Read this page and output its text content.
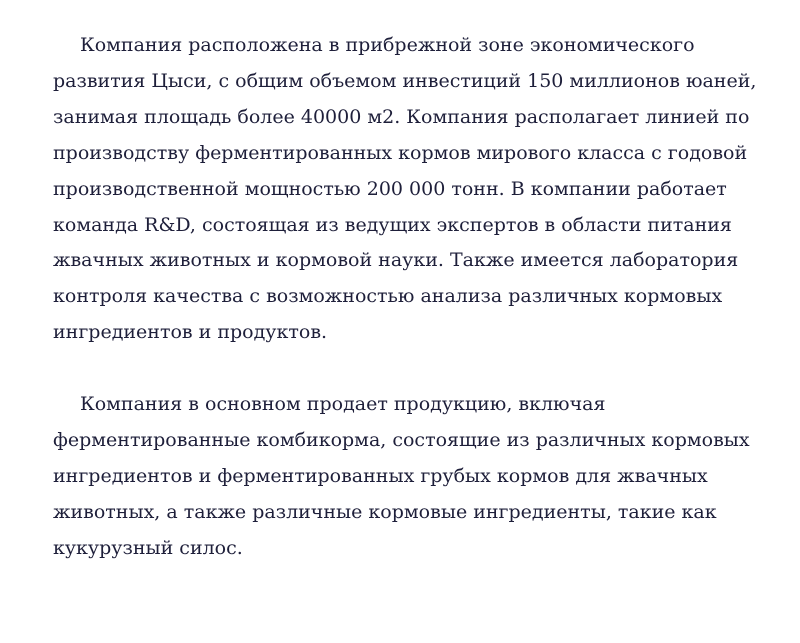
Компания расположена в прибрежной зоне экономического развития Цыси, с общим объемом инвестиций 150 миллионов юаней, занимая площадь более 40000 м2. Компания располагает линией по производству ферментированных кормов мирового класса с годовой производственной мощностью 200 000 тонн. В компании работает команда R&D, состоящая из ведущих экспертов в области питания жвачных животных и кормовой науки. Также имеется лаборатория контроля качества с возможностью анализа различных кормовых ингредиентов и продуктов.

Компания в основном продает продукцию, включая ферментированные комбикорма, состоящие из различных кормовых ингредиентов и ферментированных грубых кормов для жвачных животных, а также различные кормовые ингредиенты, такие как кукурузный силос.
